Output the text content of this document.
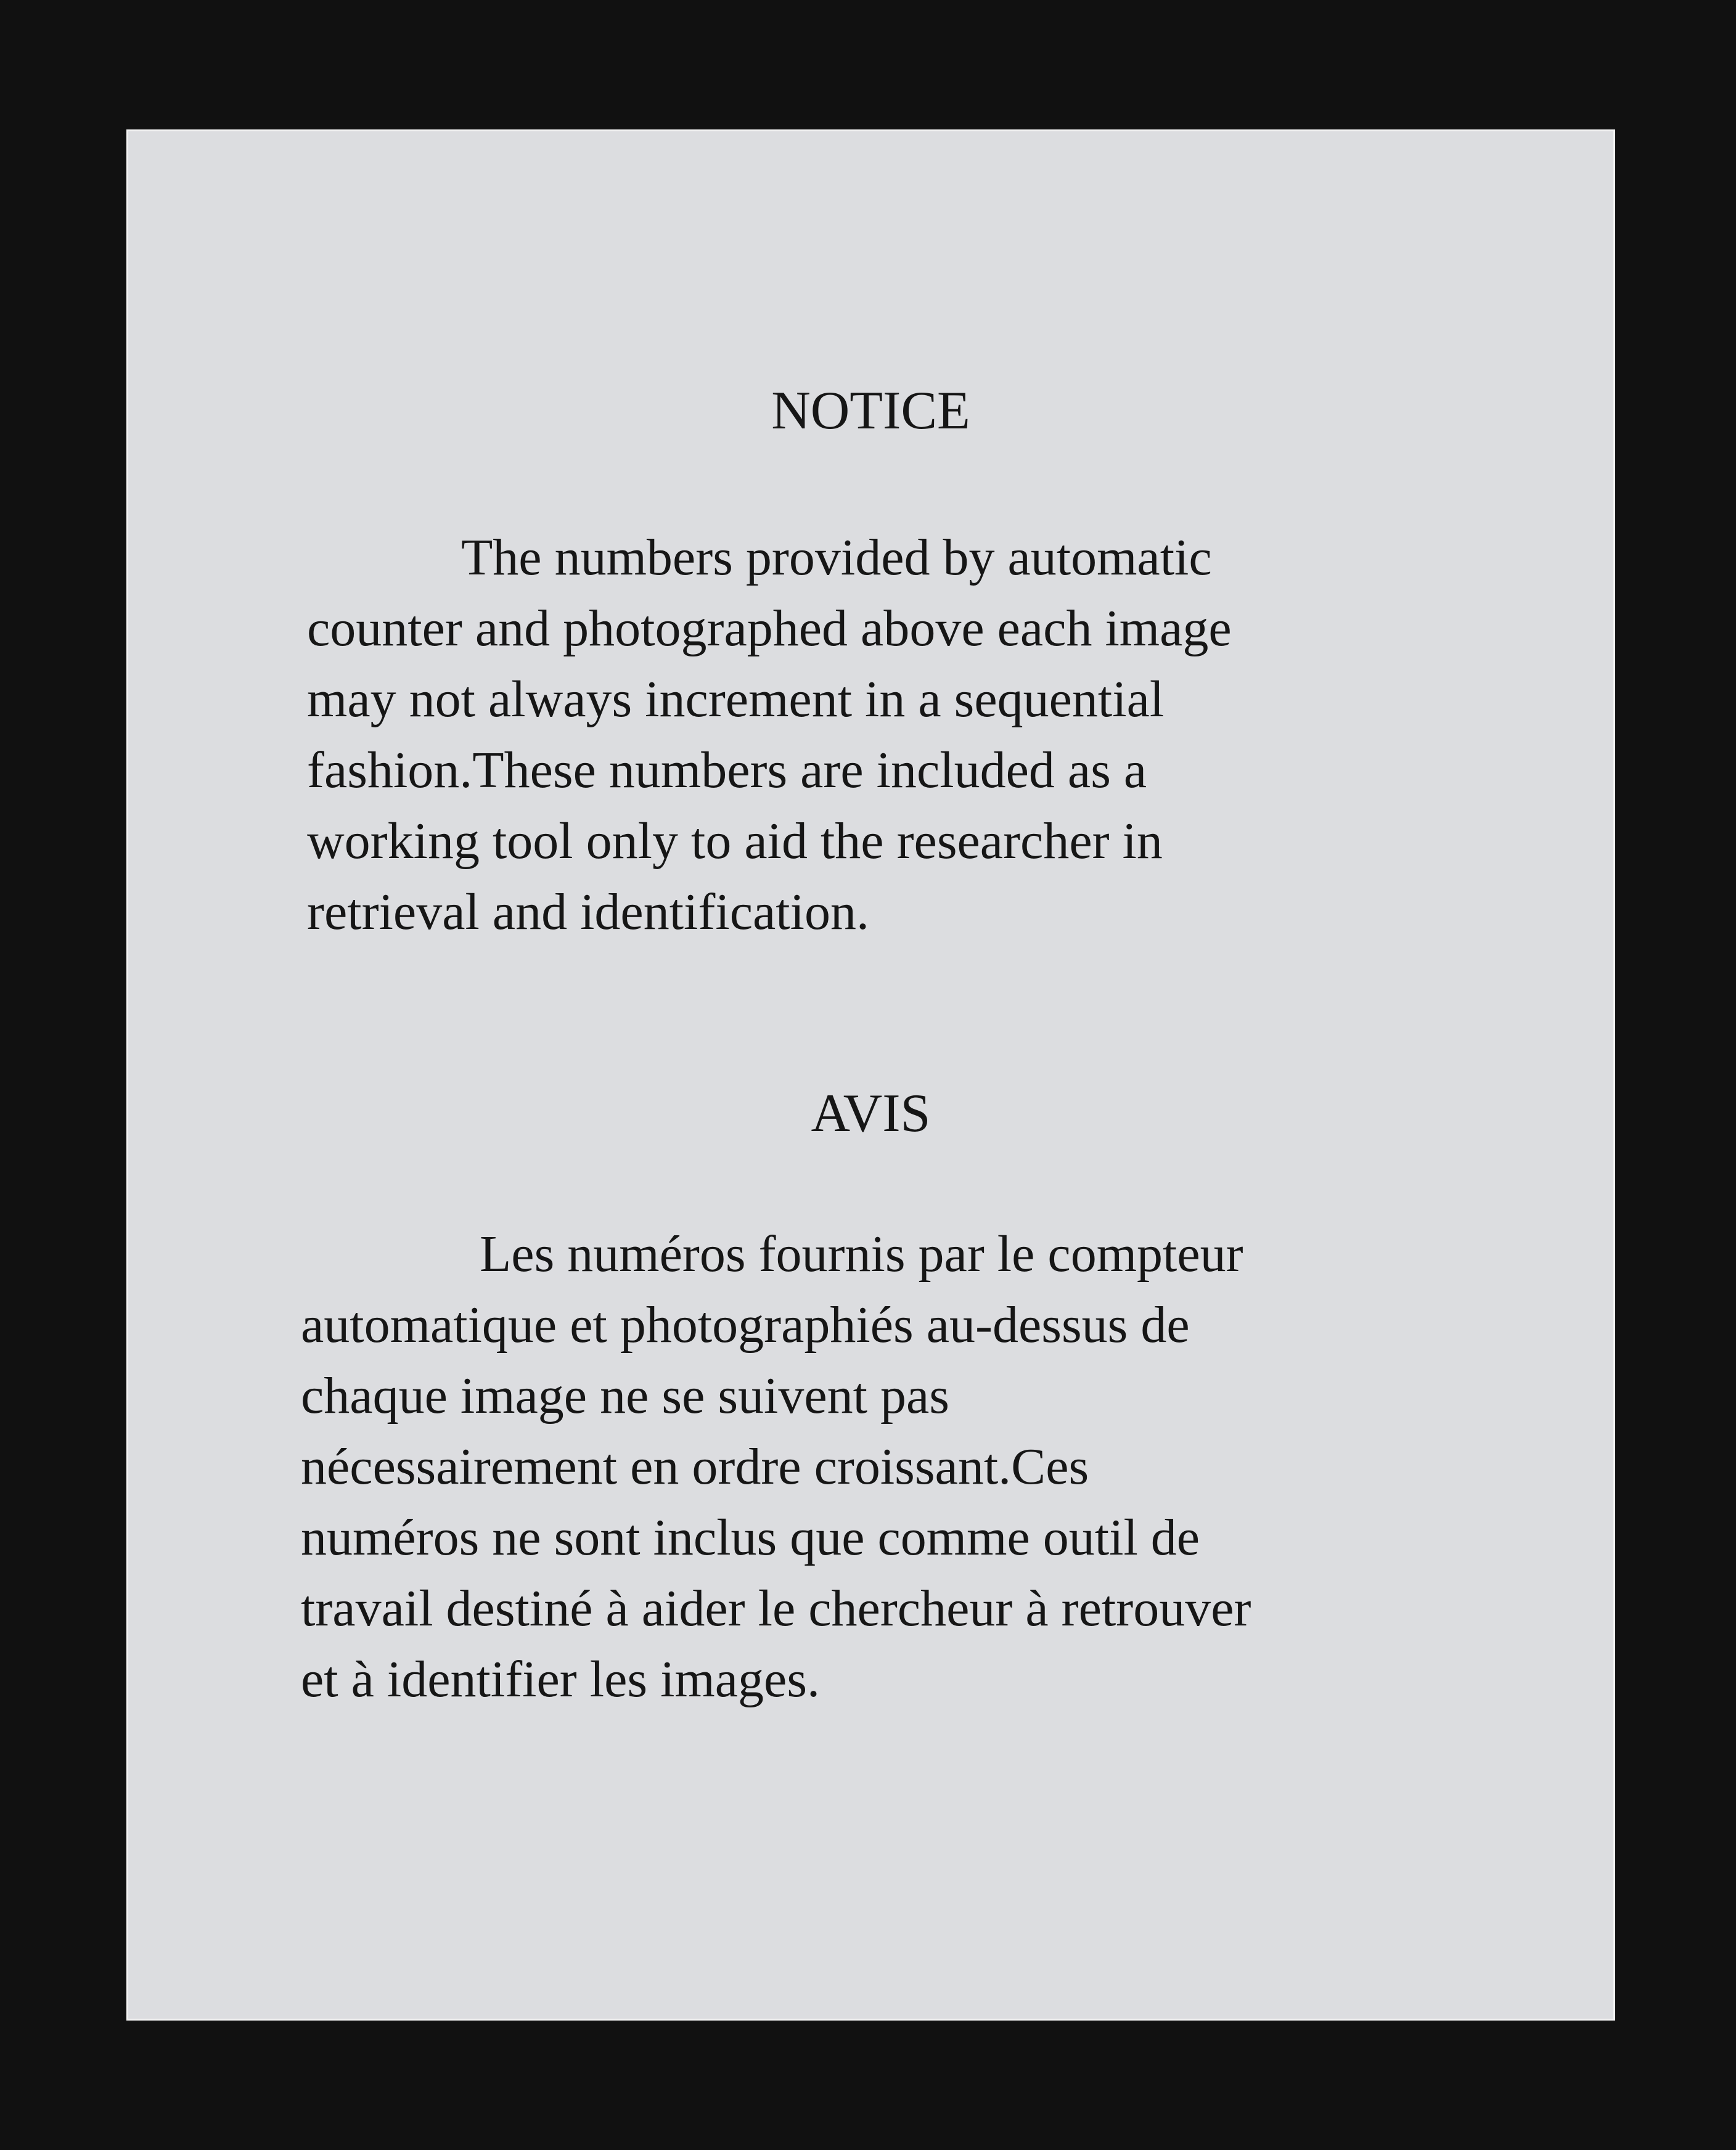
NOTICE

The numbers provided by automatic

counter and photographed above each image

may not always increment in a sequential

fashion.These numbers are included as a

working tool only to aid the researcher in

retrieval and identification.

AVIS

Les numéros fournis par le compteur

automatique et photographiés au-dessus de

chaque image ne se suivent pas

nécessairement en ordre croissant.Ces

numéros ne sont inclus que comme outil de

travail destiné à aider le chercheur à retrouver

et à identifier les images.
